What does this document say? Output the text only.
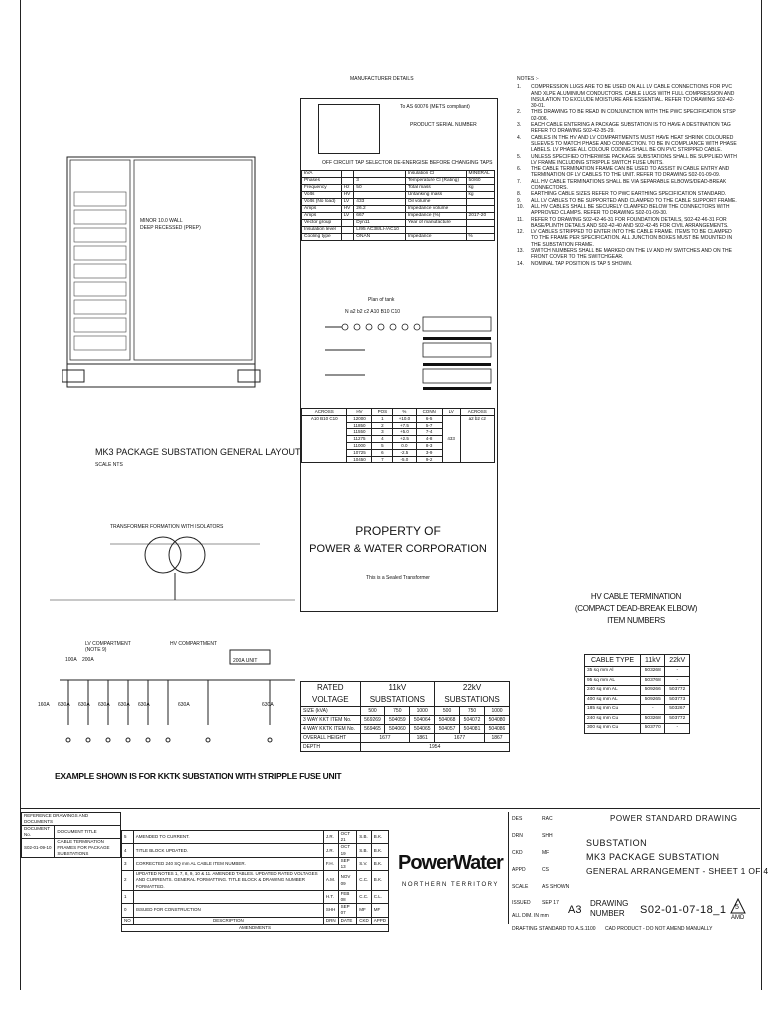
MINOR 10.0 WALL
DEEP RECESSED (PREP)
MK3 PACKAGE SUBSTATION GENERAL LAYOUT
SCALE NTS
TRANSFORMER FORMATION WITH ISOLATORS
LV COMPARTMENT
(NOTE 9)
HV COMPARTMENT
100A 200A	200A UNIT
160A 630A 630A 630A 630A 630A	630A	630A
EXAMPLE SHOWN IS FOR KKTK SUBSTATION WITH STRIPPLE FUSE UNIT
MANUFACTURER DETAILS
To AS 60076 (METS compliant)
PRODUCT SERIAL NUMBER
OFF CIRCUIT TAP SELECTOR DE-ENERGISE BEFORE CHANGING TAPS
kVA			Insulation Cl	MINERAL
Phases		3	Temperature Cl (Rating)	50/60
Frequency	Hz	50	Total mass	kg
Volts	HV		Untanking mass	kg
Volts (No load)	LV	433	Oil volume	
Amps	HV	26.2	Impedance volume	
Amps	LV	667	Impedance (%)	2017-20
Vector group		Dyn11	Year of manufacture	
Insulation level		LI95 AC38/LI-/AC10		
Cooling type		ONAN	Impedance	%
Plan of tank
N a2 b2 c2 A10 B10 C10
ACROSS	HV	POS	%	CONN	LV	ACROSS
A10 B10 C10	12000	1	+10.0	6-5	433	a2 b2 c2
	11850	2	+7.5	5-7		
	11550	3	+5.0	7-4		
	11275	4	+2.5	4-8		
	11000	5	0.0	8-3		
	10725	6	-2.5	3-9		
	10450	7	-5.0	9-2		
PROPERTY OF
POWER & WATER CORPORATION
This is a Sealed Transformer
RATED VOLTAGE	11kV SUBSTATIONS			22kV SUBSTATIONS		
SIZE (kVA)	500	750	1000	500	750	1000
3 WAY KKT ITEM No.	569269	504059	504064	504068	504072	504080
4 WAY KKTK ITEM No.	569465	504060	504065	504057	504081	504086
OVERALL HEIGHT	1677		1861	1677		1867
DEPTH	1954					
HV CABLE TERMINATION
(COMPACT DEAD-BREAK ELBOW)
ITEM NUMBERS
CABLE TYPE	11kV	22kV
35 sq mm Al	503268	-
95 sq mm AL	503768	-
240 sq mm AL	509266	503772
400 sq mm AL	509265	503773
185 sq mm Cu	-	503267
240 sq mm Cu	503268	503772
300 sq mm Cu	503770	-
NOTES :-
1.	COMPRESSION LUGS ARE TO BE USED ON ALL LV CABLE CONNECTIONS FOR PVC AND XLPE ALUMINIUM CONDUCTORS. CABLE LUGS WITH FULL COMPRESSION AND INSULATION TO EXCLUDE MOISTURE ARE ESSENTIAL. REFER TO DRAWING S02-42-30-01.
2.	THIS DRAWING TO BE READ IN CONJUNCTION WITH THE PWC SPECIFICATION STSP 02-006.
3.	EACH CABLE ENTERING A PACKAGE SUBSTATION IS TO HAVE A DESTINATION TAG REFER TO DRAWING S02-42-35-29.
4.	CABLES IN THE HV AND LV COMPARTMENTS MUST HAVE HEAT SHRINK COLOURED SLEEVES TO MATCH PHASE AND CONNECTION. TO BE IN COMPLIANCE WITH PHASE LABELS. LV PHASE ALL COLOUR CODING SHALL BE ON PVC STRIPPED CABLE.
5.	UNLESS SPECIFIED OTHERWISE PACKAGE SUBSTATIONS SHALL BE SUPPLIED WITH LV FRAME INCLUDING STRIPPLE SWITCH FUSE UNITS.
6.	THE CABLE TERMINATION FRAME CAN BE USED TO ASSIST IN CABLE ENTRY AND TERMINATION OF LV CABLES TO THE UNIT. REFER TO DRAWING S02-01-09-09.
7.	ALL HV CABLE TERMINATIONS SHALL BE VIA SEPARABLE ELBOWS/DEAD-BREAK CONNECTORS.
8.	EARTHING CABLE SIZES REFER TO PWC EARTHING SPECIFICATION STANDARD.
9.	ALL LV CABLES TO BE SUPPORTED AND CLAMPED TO THE CABLE SUPPORT FRAME.
10.	ALL HV CABLES SHALL BE SECURELY CLAMPED BELOW THE CONNECTORS WITH APPROVED CLAMPS. REFER TO DRAWING S02-01-09-30.
11.	REFER TO DRAWING S02-42-46-31 FOR FOUNDATION DETAILS, S02-42-46-31 FOR BASE/PLINTH DETAILS AND S02-42-40 AND S02-42-45 FOR CIVIL ARRANGEMENTS.
12.	LV CABLES STRIPPED TO ENTER INTO THE CABLE FRAME. ITEMS TO BE CLAMPED TO THE FRAME PER SPECIFICATION. ALL JUNCTION BOXES MUST BE MOUNTED IN THE SUBSTATION FRAME.
13.	SWITCH NUMBERS SHALL BE MARKED ON THE LV AND HV SWITCHES AND ON THE FRONT COVER TO THE SWITCHGEAR.
14.	NOMINAL TAP POSITION IS TAP 5 SHOWN.
REFERENCE DRAWINGS AND DOCUMENTS	
DOCUMENT No.	DOCUMENT TITLE
S02-01-09-10	CABLE TERMINATION FRAMES FOR PACKAGE SUBSTATIONS
5	AMENDED TO CURRENT.	J.R.	OCT 21	S.B.	B.K.
4	TITLE BLOCK UPDATED.	J.R.	OCT 19	S.B.	B.K.
3	CORRECTED 240 SQ mm AL CABLE ITEM NUMBER.	F.H.	SEP 13	S.V.	B.K.
2	UPDATED NOTES 1, 7, 8, 9, 10 & 11. AMENDED TABLES. UPDATED RATED VOLTAGES AND CURRENTS. GENERAL FORMATTING. TITLE BLOCK & DRAWING NUMBER FORMATTED.	A.M.	NOV 09	C.C.	B.K.
1		H.T.	FEB 08	C.C.	C.L.
0	ISSUED FOR CONSTRUCTION	SHH	SEP 07	MF	MF
NO	DESCRIPTION	DRN	DATE	CKD	APPD
AMENDMENTS					
PowerWater
NORTHERN TERRITORY
DES	RAC
DRN	SHH
CKD	MF
APPD	CS
SCALE	AS SHOWN
ISSUED SEP 17
ALL DIM. IN mm
POWER STANDARD DRAWING
SUBSTATION
MK3 PACKAGE SUBSTATION
GENERAL ARRANGEMENT - SHEET 1 OF 4
A3
DRAWING
NUMBER S02-01-07-18_1 5
AMD
DRAFTING STANDARD TO A.S.1100 CAD PRODUCT - DO NOT AMEND MANUALLY
